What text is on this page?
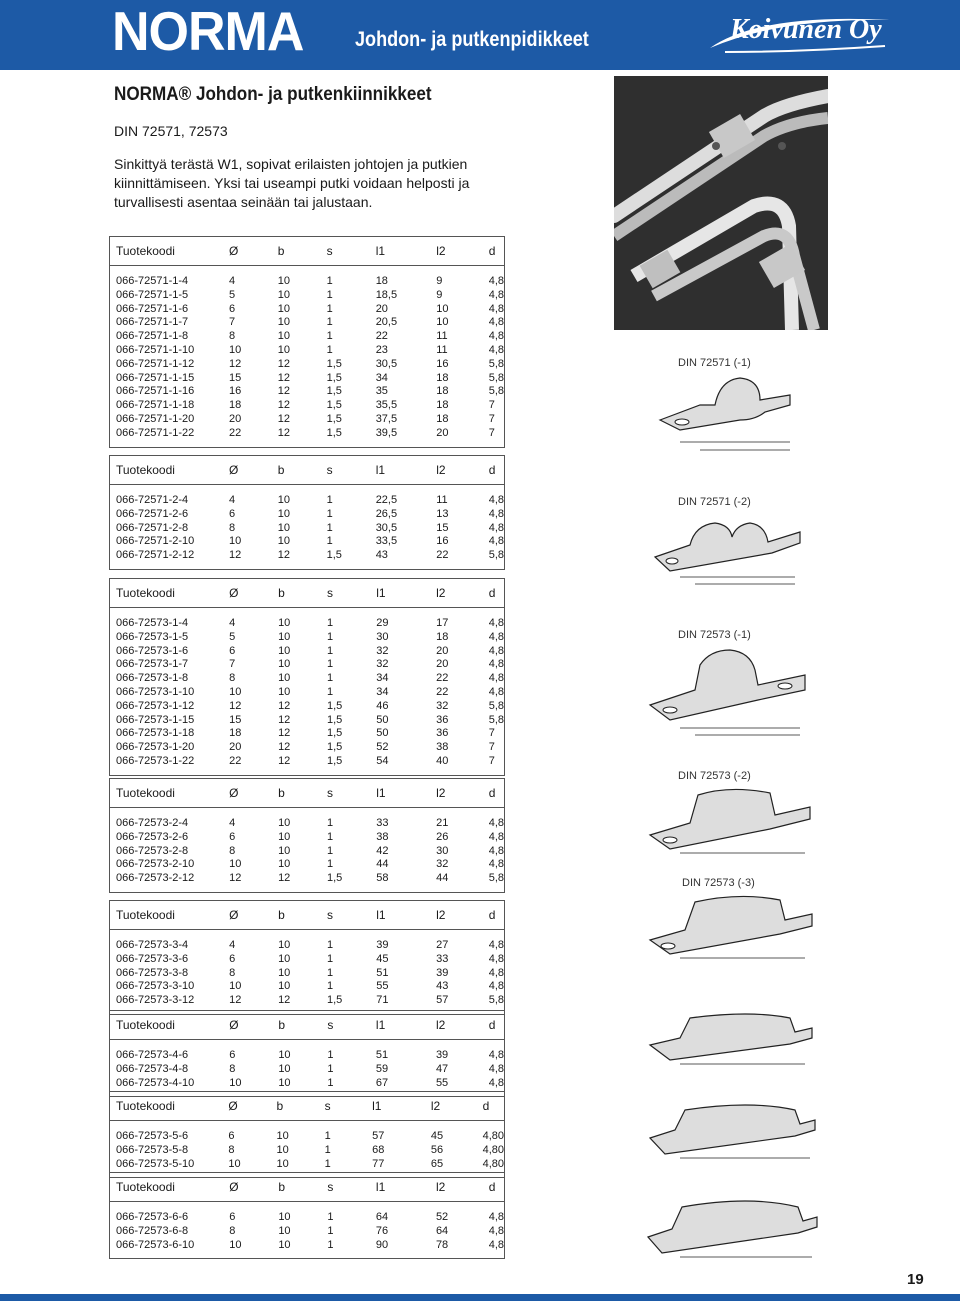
NORMA Johdon- ja putkenpidikkeet	Koivunen Oy
NORMA® Johdon- ja putkenkiinnikkeet
DIN 72571, 72573
Sinkittyä terästä W1, sopivat erilaisten johtojen ja putkien kiinnittämiseen. Yksi tai useampi putki voidaan helposti ja turvallisesti asentaa seinään tai jalustaan.
DIN 72571 (-1)
DIN 72571 (-2)
DIN 72573 (-1)
DIN 72573 (-2)
DIN 72573 (-3)
Tuotekoodi	Ø	b	s	l1	l2	d
066-72571-1-4	4	10	1	18	9	4,8
066-72571-1-5	5	10	1	18,5	9	4,8
066-72571-1-6	6	10	1	20	10	4,8
066-72571-1-7	7	10	1	20,5	10	4,8
066-72571-1-8	8	10	1	22	11	4,8
066-72571-1-10	10	10	1	23	11	4,8
066-72571-1-12	12	12	1,5	30,5	16	5,8
066-72571-1-15	15	12	1,5	34	18	5,8
066-72571-1-16	16	12	1,5	35	18	5,8
066-72571-1-18	18	12	1,5	35,5	18	7
066-72571-1-20	20	12	1,5	37,5	18	7
066-72571-1-22	22	12	1,5	39,5	20	7
Tuotekoodi	Ø	b	s	l1	l2	d
066-72571-2-4	4	10	1	22,5	11	4,8
066-72571-2-6	6	10	1	26,5	13	4,8
066-72571-2-8	8	10	1	30,5	15	4,8
066-72571-2-10	10	10	1	33,5	16	4,8
066-72571-2-12	12	12	1,5	43	22	5,8
Tuotekoodi	Ø	b	s	l1	l2	d
066-72573-1-4	4	10	1	29	17	4,8
066-72573-1-5	5	10	1	30	18	4,8
066-72573-1-6	6	10	1	32	20	4,8
066-72573-1-7	7	10	1	32	20	4,8
066-72573-1-8	8	10	1	34	22	4,8
066-72573-1-10	10	10	1	34	22	4,8
066-72573-1-12	12	12	1,5	46	32	5,8
066-72573-1-15	15	12	1,5	50	36	5,8
066-72573-1-18	18	12	1,5	50	36	7
066-72573-1-20	20	12	1,5	52	38	7
066-72573-1-22	22	12	1,5	54	40	7
Tuotekoodi	Ø	b	s	l1	l2	d
066-72573-2-4	4	10	1	33	21	4,8
066-72573-2-6	6	10	1	38	26	4,8
066-72573-2-8	8	10	1	42	30	4,8
066-72573-2-10	10	10	1	44	32	4,8
066-72573-2-12	12	12	1,5	58	44	5,8
Tuotekoodi	Ø	b	s	l1	l2	d
066-72573-3-4	4	10	1	39	27	4,8
066-72573-3-6	6	10	1	45	33	4,8
066-72573-3-8	8	10	1	51	39	4,8
066-72573-3-10	10	10	1	55	43	4,8
066-72573-3-12	12	12	1,5	71	57	5,8
Tuotekoodi	Ø	b	s	l1	l2	d
066-72573-4-6	6	10	1	51	39	4,8
066-72573-4-8	8	10	1	59	47	4,8
066-72573-4-10	10	10	1	67	55	4,8
Tuotekoodi	Ø	b	s	l1	l2	d
066-72573-5-6	6	10	1	57	45	4,80
066-72573-5-8	8	10	1	68	56	4,80
066-72573-5-10	10	10	1	77	65	4,80
Tuotekoodi	Ø	b	s	l1	l2	d
066-72573-6-6	6	10	1	64	52	4,8
066-72573-6-8	8	10	1	76	64	4,8
066-72573-6-10	10	10	1	90	78	4,8
19
